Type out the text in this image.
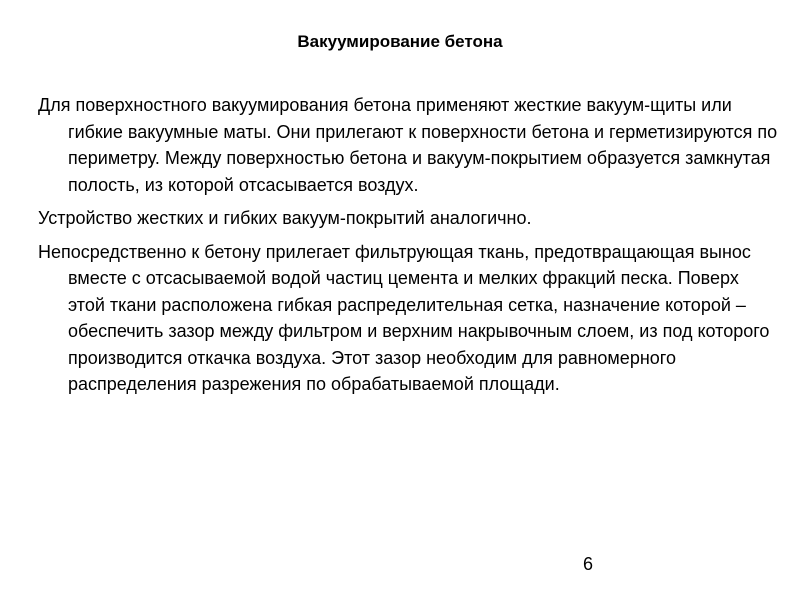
Вакуумирование бетона

Для поверхностного вакуумирования бетона применяют жесткие вакуум-щиты или гибкие вакуумные маты. Они прилегают к поверхности бетона и герметизируются по периметру. Между поверхностью бетона и вакуум-покрытием образуется замкнутая полость, из которой отсасывается воздух.

Устройство жестких и гибких вакуум-покрытий аналогично.

Непосредственно к бетону прилегает фильтрующая ткань, предотвращающая вынос вместе с отсасываемой водой частиц цемента и мелких фракций песка. Поверх этой ткани расположена гибкая распределительная сетка, назначение которой – обеспечить зазор между фильтром и верхним накрывочным слоем, из под которого производится откачка воздуха. Этот зазор необходим для равномерного распределения разрежения по обрабатываемой площади.

6
